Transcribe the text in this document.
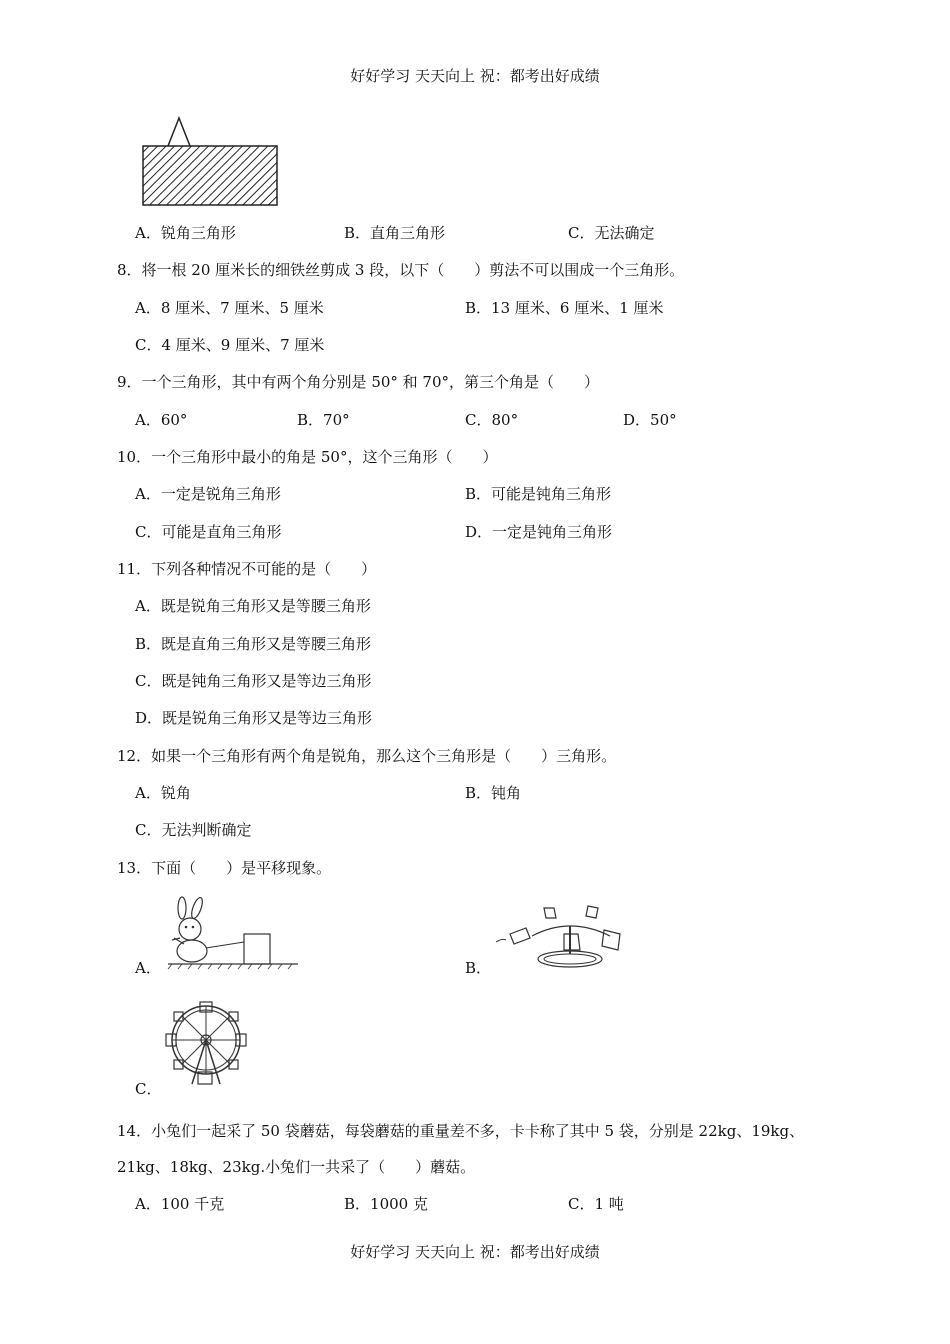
好好学习 天天向上 祝：都考出好成绩
A．锐角三角形	B．直角三角形	C．无法确定
8．将一根 20 厘米长的细铁丝剪成 3 段，以下（　　）剪法不可以围成一个三角形。
A．8 厘米、7 厘米、5 厘米	B．13 厘米、6 厘米、1 厘米
C．4 厘米、9 厘米、7 厘米
9．一个三角形，其中有两个角分别是 50° 和 70°，第三个角是（　　）
A．60°	B．70°	C．80°	D．50°
10．一个三角形中最小的角是 50°，这个三角形（　　）
A．一定是锐角三角形	B．可能是钝角三角形
C．可能是直角三角形	D．一定是钝角三角形
11．下列各种情况不可能的是（　　）
A．既是锐角三角形又是等腰三角形
B．既是直角三角形又是等腰三角形
C．既是钝角三角形又是等边三角形
D．既是锐角三角形又是等边三角形
12．如果一个三角形有两个角是锐角，那么这个三角形是（　　）三角形。
A．锐角	B．钝角
C．无法判断确定
13．下面（　　）是平移现象。
A．	B．
C．
14．小兔们一起采了 50 袋蘑菇，每袋蘑菇的重量差不多，卡卡称了其中 5 袋，分别是 22kg、19kg、
21kg、18kg、23kg.小兔们一共采了（　　）蘑菇。
A．100 千克	B．1000 克	C．1 吨
好好学习 天天向上 祝：都考出好成绩
